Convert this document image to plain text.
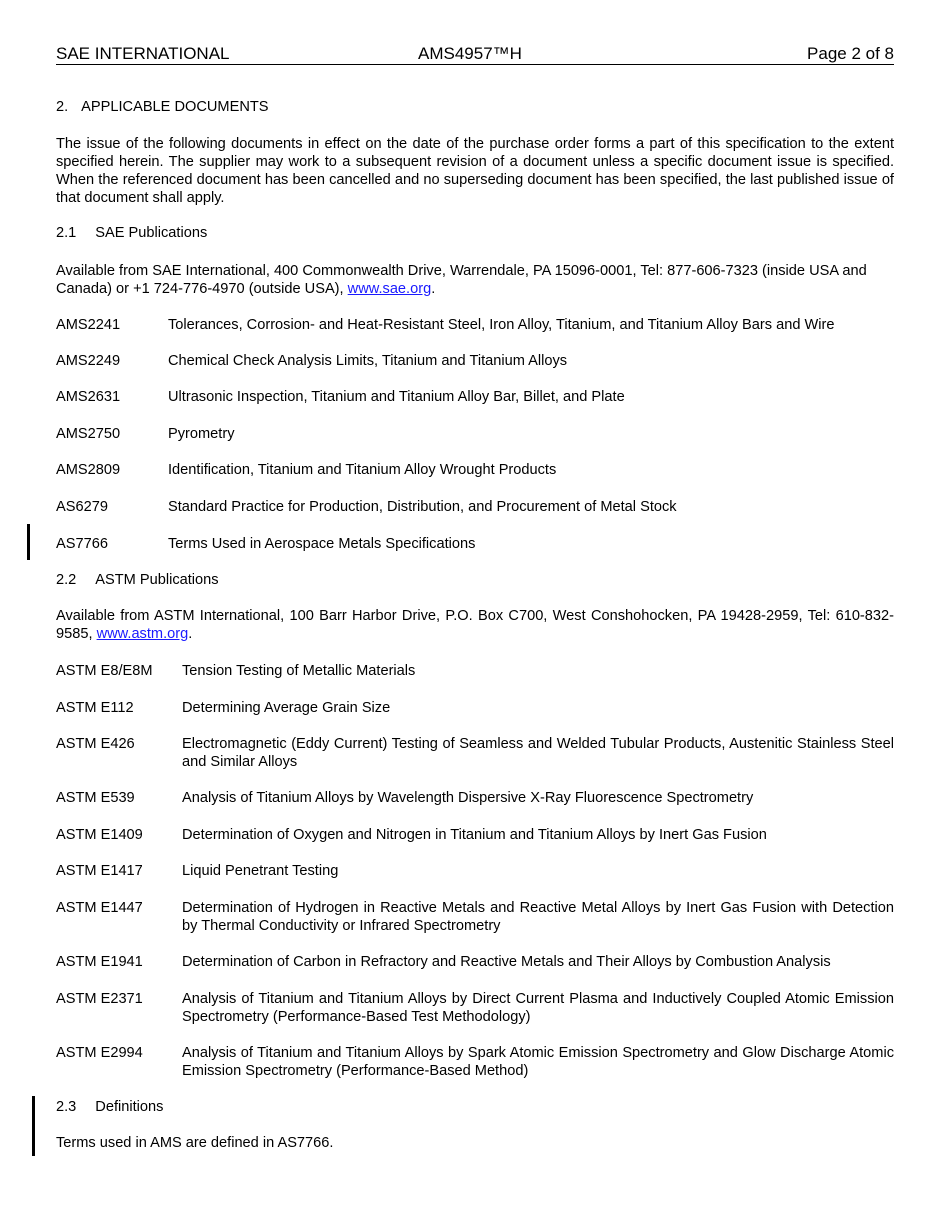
SAE INTERNATIONAL	AMS4957™H	Page 2 of 8
2. APPLICABLE DOCUMENTS
The issue of the following documents in effect on the date of the purchase order forms a part of this specification to the extent specified herein. The supplier may work to a subsequent revision of a document unless a specific document issue is specified. When the referenced document has been cancelled and no superseding document has been specified, the last published issue of that document shall apply.
2.1 SAE Publications
Available from SAE International, 400 Commonwealth Drive, Warrendale, PA 15096-0001, Tel: 877-606-7323 (inside USA and Canada) or +1 724-776-4970 (outside USA), www.sae.org.
AMS2241	Tolerances, Corrosion- and Heat-Resistant Steel, Iron Alloy, Titanium, and Titanium Alloy Bars and Wire
AMS2249	Chemical Check Analysis Limits, Titanium and Titanium Alloys
AMS2631	Ultrasonic Inspection, Titanium and Titanium Alloy Bar, Billet, and Plate
AMS2750	Pyrometry
AMS2809	Identification, Titanium and Titanium Alloy Wrought Products
AS6279	Standard Practice for Production, Distribution, and Procurement of Metal Stock
AS7766	Terms Used in Aerospace Metals Specifications
2.2 ASTM Publications
Available from ASTM International, 100 Barr Harbor Drive, P.O. Box C700, West Conshohocken, PA 19428-2959, Tel: 610-832-9585, www.astm.org.
ASTM E8/E8M Tension Testing of Metallic Materials
ASTM E112	Determining Average Grain Size
ASTM E426	Electromagnetic (Eddy Current) Testing of Seamless and Welded Tubular Products, Austenitic Stainless Steel and Similar Alloys
ASTM E539	Analysis of Titanium Alloys by Wavelength Dispersive X-Ray Fluorescence Spectrometry
ASTM E1409	Determination of Oxygen and Nitrogen in Titanium and Titanium Alloys by Inert Gas Fusion
ASTM E1417	Liquid Penetrant Testing
ASTM E1447	Determination of Hydrogen in Reactive Metals and Reactive Metal Alloys by Inert Gas Fusion with Detection by Thermal Conductivity or Infrared Spectrometry
ASTM E1941	Determination of Carbon in Refractory and Reactive Metals and Their Alloys by Combustion Analysis
ASTM E2371	Analysis of Titanium and Titanium Alloys by Direct Current Plasma and Inductively Coupled Atomic Emission Spectrometry (Performance-Based Test Methodology)
ASTM E2994	Analysis of Titanium and Titanium Alloys by Spark Atomic Emission Spectrometry and Glow Discharge Atomic Emission Spectrometry (Performance-Based Method)
2.3 Definitions
Terms used in AMS are defined in AS7766.
